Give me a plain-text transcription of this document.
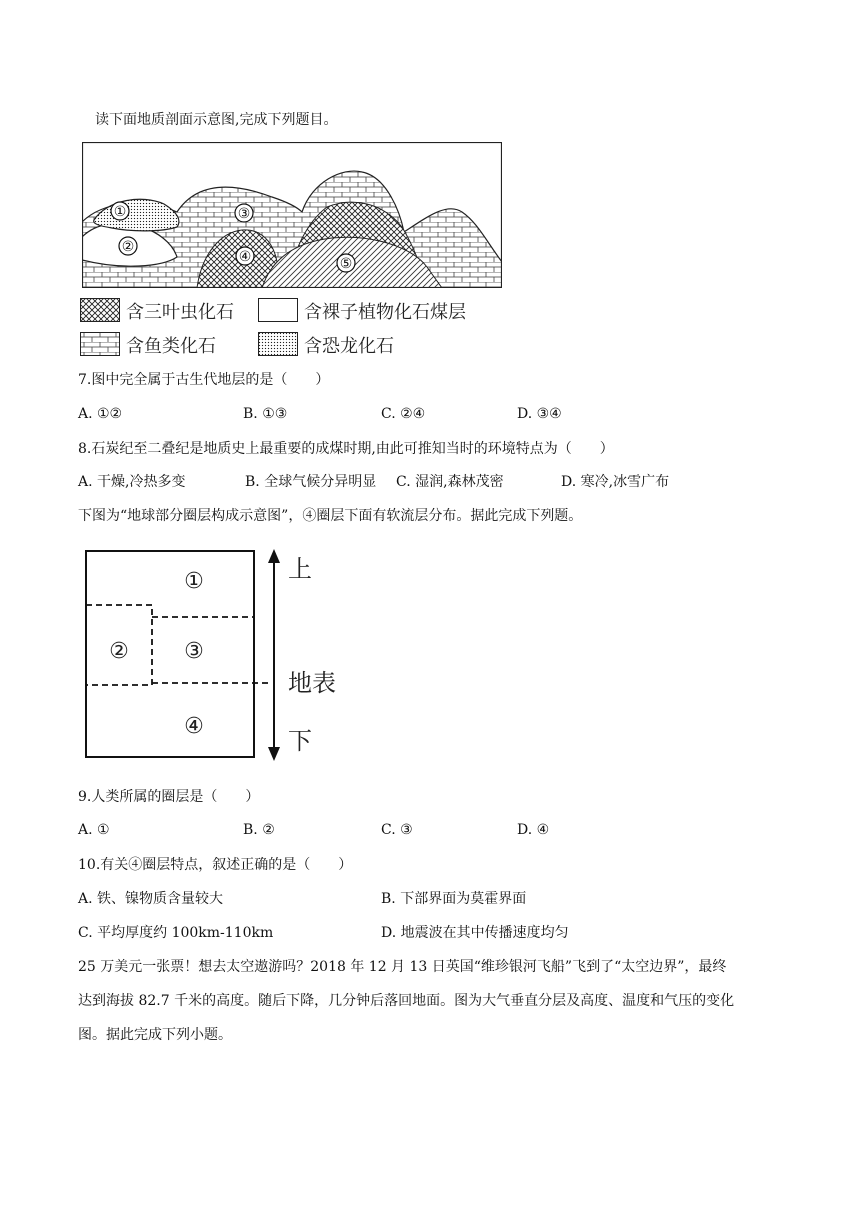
读下面地质剖面示意图,完成下列题目。
①
②
③
④	⑤
含三叶虫化石	含裸子植物化石煤层
含鱼类化石	含恐龙化石
7.图中完全属于古生代地层的是（　　）
A. ①②	B. ①③	C. ②④	D. ③④
8.石炭纪至二叠纪是地质史上最重要的成煤时期,由此可推知当时的环境特点为（　　）
A. 干燥,冷热多变	B. 全球气候分异明显 C. 湿润,森林茂密	D. 寒冷,冰雪广布
下图为“地球部分圈层构成示意图”，④圈层下面有软流层分布。据此完成下列题。
①
②	③
④
上
地表
下
9.人类所属的圈层是（　　）
A. ①	B. ②	C. ③	D. ④
10.有关④圈层特点，叙述正确的是（　　）
A. 铁、镍物质含量较大	B. 下部界面为莫霍界面
C. 平均厚度约 100km-110km	D. 地震波在其中传播速度均匀
25 万美元一张票！想去太空遨游吗？2018 年 12 月 13 日英国“维珍银河飞船”飞到了“太空边界”，最终
达到海拔 82.7 千米的高度。随后下降，几分钟后落回地面。图为大气垂直分层及高度、温度和气压的变化
图。据此完成下列小题。
